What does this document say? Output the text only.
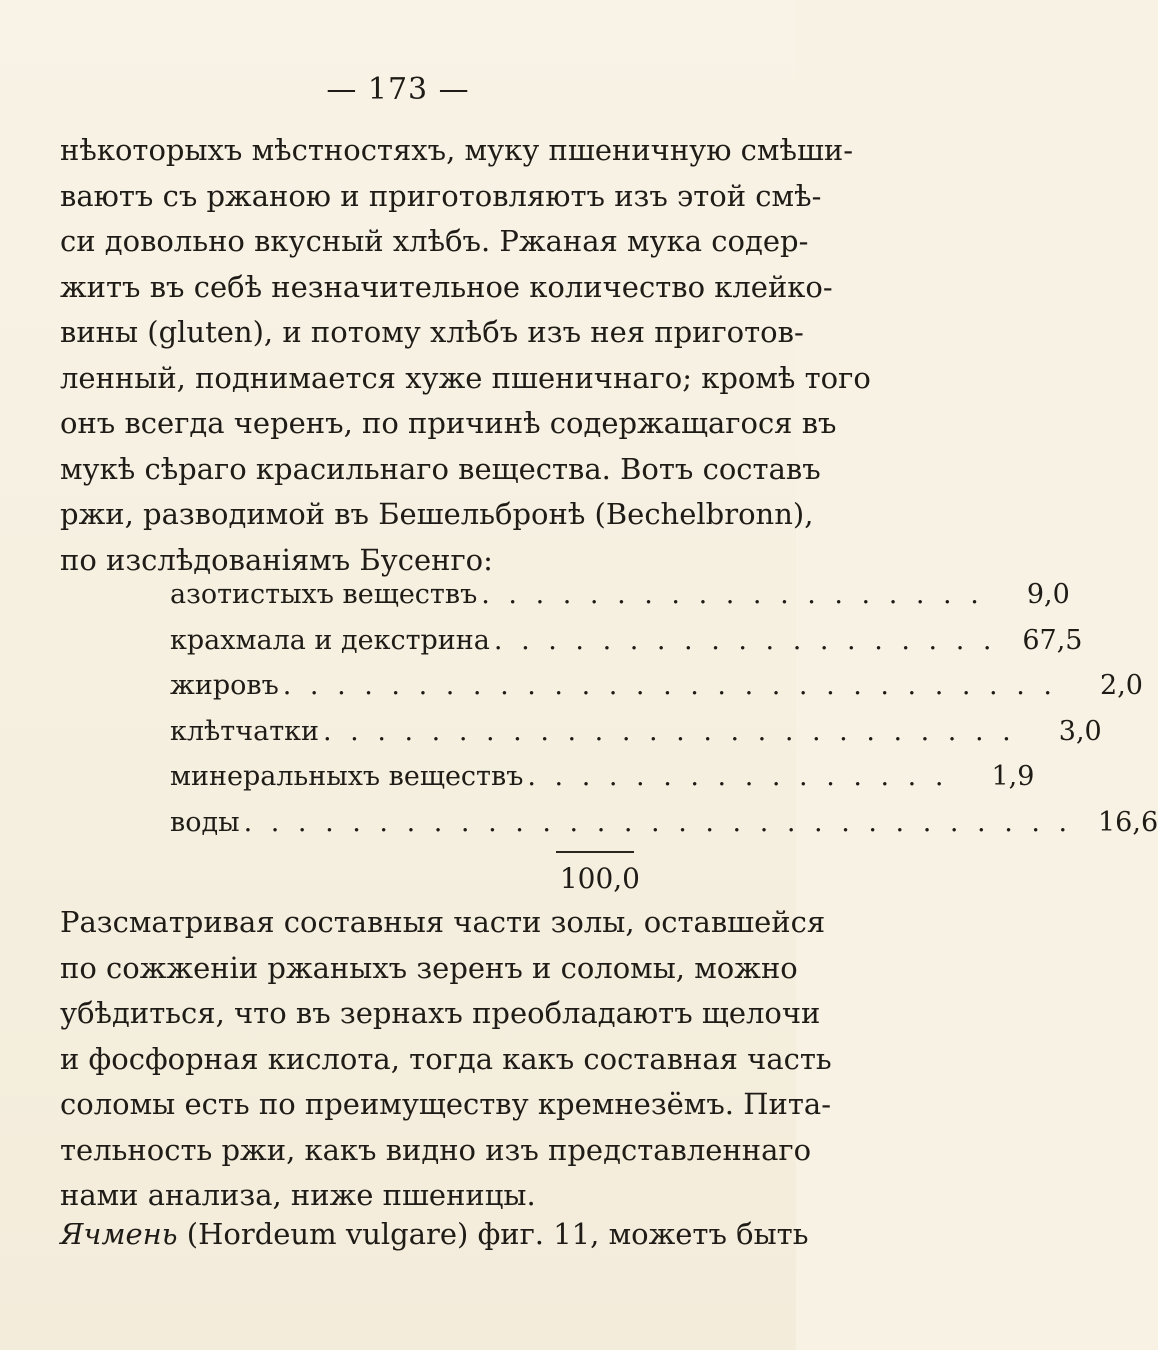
— 173 —
нѣкоторыхъ мѣстностяхъ, муку пшеничную смѣши-
ваютъ съ ржаною и приготовляютъ изъ этой смѣ-
си довольно вкусный хлѣбъ. Ржаная мука содер-
житъ въ себѣ незначительное количество клейко-
вины (gluten), и потому хлѣбъ изъ нея приготов-
ленный, поднимается хуже пшеничнаго; кромѣ того
онъ всегда черенъ, по причинѣ содержащагося въ
мукѣ сѣраго красильнаго вещества. Вотъ составъ
ржи, разводимой въ Бешельбронѣ (Bechelbronn),
по изслѣдованіямъ Бусенго:
азотистыхъ веществъ . . . . . . . . . . . . . . . . . . .	9,0
крахмала и декстрина . . . . . . . . . . . . . . . . . . . 67,5
жировъ . . . . . . . . . . . . . . . . . . . . . . . . . . . . .	2,0
клѣтчатки . . . . . . . . . . . . . . . . . . . . . . . . . .	3,0
минеральныхъ веществъ . . . . . . . . . . . . . . . .	1,9
воды . . . . . . . . . . . . . . . . . . . . . . . . . . . . . . . 16,6
100,0
Разсматривая составныя части золы, оставшейся
по сожженіи ржаныхъ зеренъ и соломы, можно
убѣдиться, что въ зернахъ преобладаютъ щелочи
и фосфорная кислота, тогда какъ составная часть
соломы есть по преимуществу кремнезёмъ. Пита-
тельность ржи, какъ видно изъ представленнаго
нами анализа, ниже пшеницы.
Ячмень (Hordeum vulgare) фиг. 11, можетъ быть
